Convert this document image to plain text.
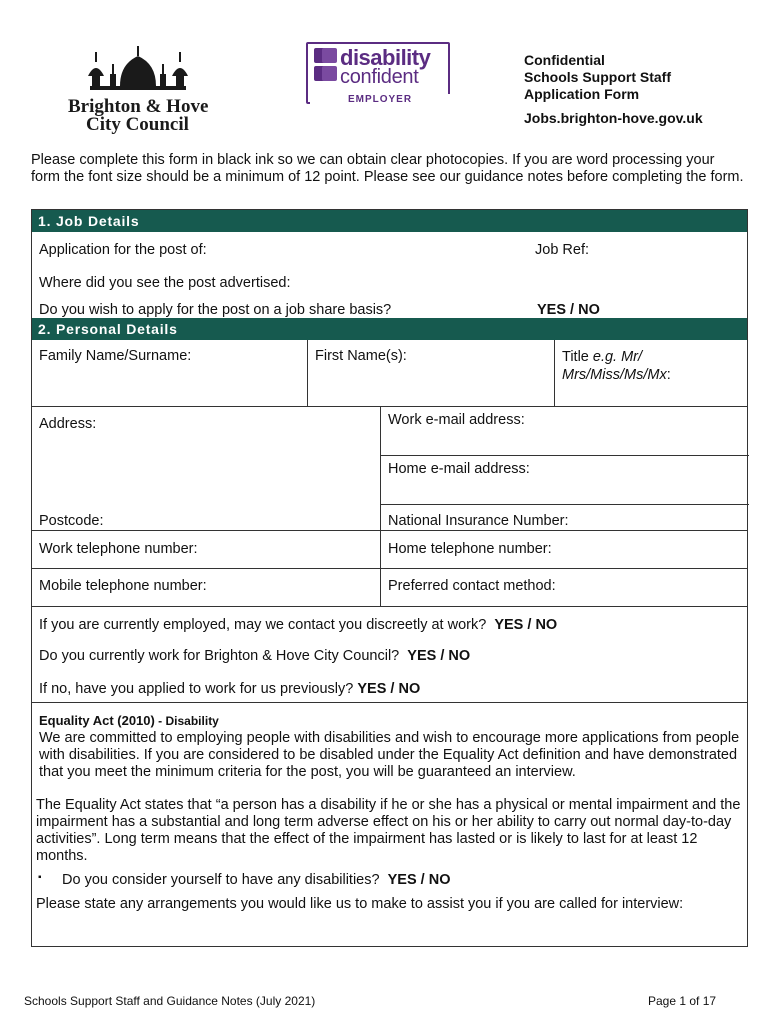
Brighton & Hove
City Council
disability
confident
EMPLOYER
Confidential
Schools Support Staff
Application Form
Jobs.brighton-hove.gov.uk
Please complete this form in black ink so we can obtain clear photocopies. If you are word processing your form the font size should be a minimum of 12 point. Please see our guidance notes before completing the form.
1. Job Details
Application for the post of:	Job Ref:
Where did you see the post advertised:
Do you wish to apply for the post on a job share basis?	YES / NO
2. Personal Details
Family Name/Surname:	First Name(s):	Title e.g. Mr/
Mrs/Miss/Ms/Mx:
Address:	Work e-mail address:
Home e-mail address:
Postcode:	National Insurance Number:
Work telephone number:	Home telephone number:
Mobile telephone number:	Preferred contact method:
If you are currently employed, may we contact you discreetly at work? YES / NO
Do you currently work for Brighton & Hove City Council? YES / NO
If no, have you applied to work for us previously? YES / NO
Equality Act (2010) - Disability
We are committed to employing people with disabilities and wish to encourage more applications from people with disabilities. If you are considered to be disabled under the Equality Act definition and have demonstrated that you meet the minimum criteria for the post, you will be guaranteed an interview.
The Equality Act states that “a person has a disability if he or she has a physical or mental impairment and the impairment has a substantial and long term adverse effect on his or her ability to carry out normal day-to-day activities”. Long term means that the effect of the impairment has lasted or is likely to last for at least 12 months.
▪ Do you consider yourself to have any disabilities? YES / NO
Please state any arrangements you would like us to make to assist you if you are called for interview:
Schools Support Staff and Guidance Notes (July 2021)	Page 1 of 17
